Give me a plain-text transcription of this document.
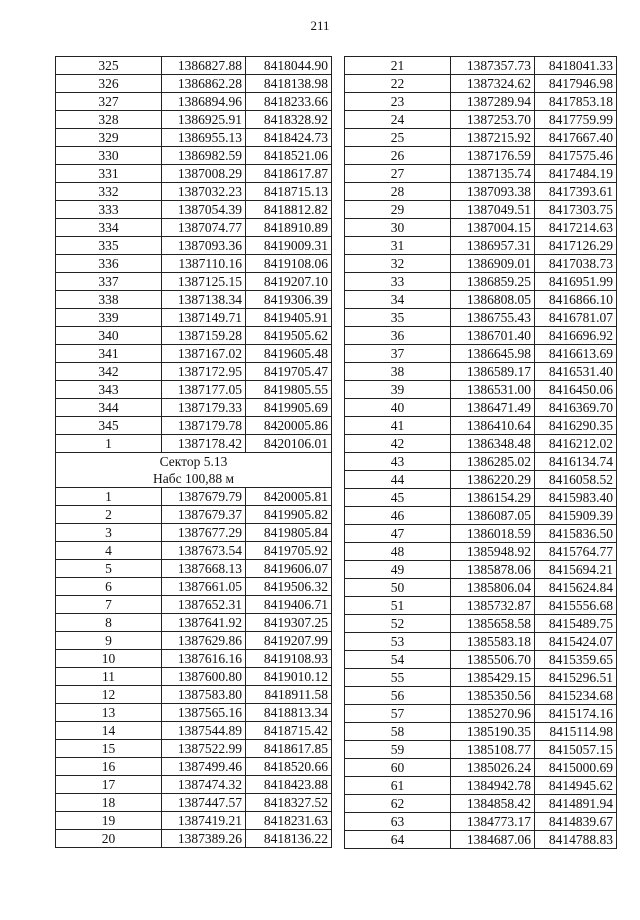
211
325	1386827.88	8418044.90
326	1386862.28	8418138.98
327	1386894.96	8418233.66
328	1386925.91	8418328.92
329	1386955.13	8418424.73
330	1386982.59	8418521.06
331	1387008.29	8418617.87
332	1387032.23	8418715.13
333	1387054.39	8418812.82
334	1387074.77	8418910.89
335	1387093.36	8419009.31
336	1387110.16	8419108.06
337	1387125.15	8419207.10
338	1387138.34	8419306.39
339	1387149.71	8419405.91
340	1387159.28	8419505.62
341	1387167.02	8419605.48
342	1387172.95	8419705.47
343	1387177.05	8419805.55
344	1387179.33	8419905.69
345	1387179.78	8420005.86
1	1387178.42	8420106.01
Сектор 5.13		
Набс 100,88 м		
1	1387679.79	8420005.81
2	1387679.37	8419905.82
3	1387677.29	8419805.84
4	1387673.54	8419705.92
5	1387668.13	8419606.07
6	1387661.05	8419506.32
7	1387652.31	8419406.71
8	1387641.92	8419307.25
9	1387629.86	8419207.99
10	1387616.16	8419108.93
11	1387600.80	8419010.12
12	1387583.80	8418911.58
13	1387565.16	8418813.34
14	1387544.89	8418715.42
15	1387522.99	8418617.85
16	1387499.46	8418520.66
17	1387474.32	8418423.88
18	1387447.57	8418327.52
19	1387419.21	8418231.63
20	1387389.26	8418136.22
21	1387357.73	8418041.33
22	1387324.62	8417946.98
23	1387289.94	8417853.18
24	1387253.70	8417759.99
25	1387215.92	8417667.40
26	1387176.59	8417575.46
27	1387135.74	8417484.19
28	1387093.38	8417393.61
29	1387049.51	8417303.75
30	1387004.15	8417214.63
31	1386957.31	8417126.29
32	1386909.01	8417038.73
33	1386859.25	8416951.99
34	1386808.05	8416866.10
35	1386755.43	8416781.07
36	1386701.40	8416696.92
37	1386645.98	8416613.69
38	1386589.17	8416531.40
39	1386531.00	8416450.06
40	1386471.49	8416369.70
41	1386410.64	8416290.35
42	1386348.48	8416212.02
43	1386285.02	8416134.74
44	1386220.29	8416058.52
45	1386154.29	8415983.40
46	1386087.05	8415909.39
47	1386018.59	8415836.50
48	1385948.92	8415764.77
49	1385878.06	8415694.21
50	1385806.04	8415624.84
51	1385732.87	8415556.68
52	1385658.58	8415489.75
53	1385583.18	8415424.07
54	1385506.70	8415359.65
55	1385429.15	8415296.51
56	1385350.56	8415234.68
57	1385270.96	8415174.16
58	1385190.35	8415114.98
59	1385108.77	8415057.15
60	1385026.24	8415000.69
61	1384942.78	8414945.62
62	1384858.42	8414891.94
63	1384773.17	8414839.67
64	1384687.06	8414788.83
